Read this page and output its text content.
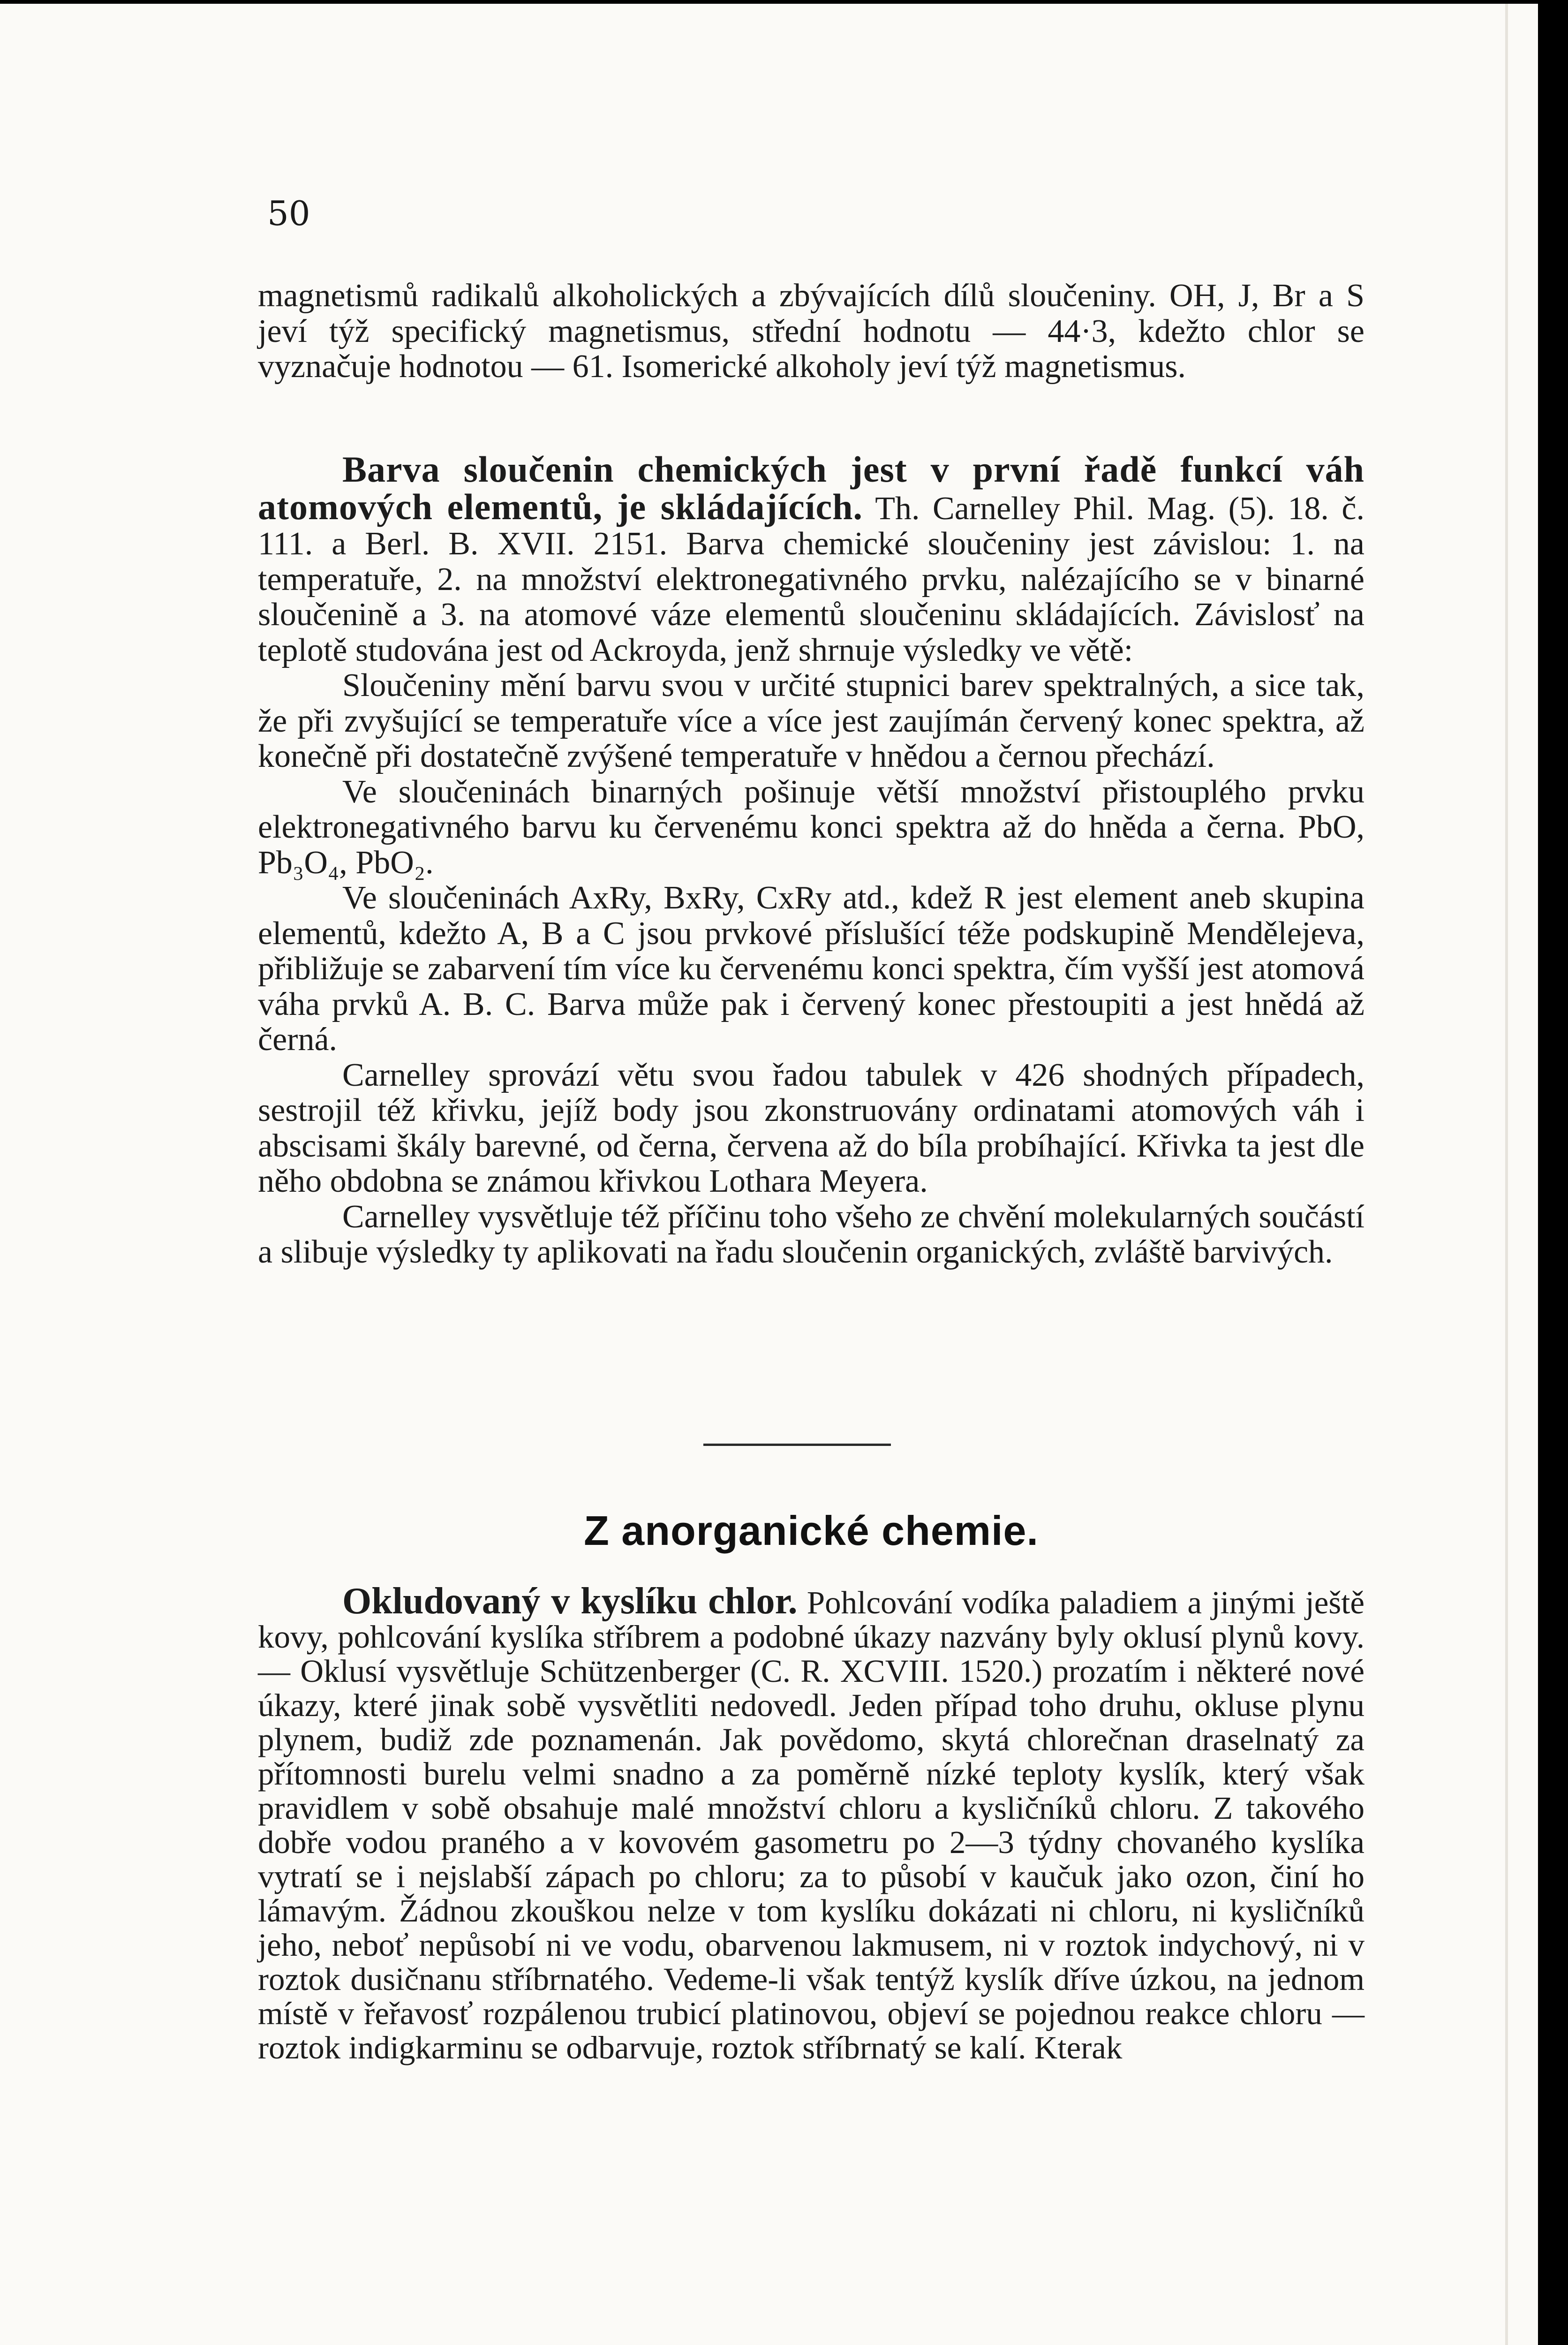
50

magnetismů radikalů alkoholických a zbývajících dílů sloučeniny. OH, J, Br a S jeví týž specifický magnetismus, střední hodnotu — 44·3, kdežto chlor se vyznačuje hodnotou — 61. Isomerické alkoholy jeví týž magnetismus.

Barva sloučenin chemických jest v první řadě funkcí váh atomových elementů, je skládajících. Th. Carnelley Phil. Mag. (5). 18. č. 111. a Berl. B. XVII. 2151. Barva chemické sloučeniny jest závislou: 1. na temperatuře, 2. na množství elektronegativného prvku, nalézajícího se v binarné sloučenině a 3. na atomové váze elementů sloučeninu skládajících. Závislosť na teplotě studována jest od Ackroyda, jenž shrnuje výsledky ve větě:

Sloučeniny mění barvu svou v určité stupnici barev spektralných, a sice tak, že při zvyšující se temperatuře více a více jest zaujímán červený konec spektra, až konečně při dostatečně zvýšené temperatuře v hnědou a černou přechází.

Ve sloučeninách binarných pošinuje větší množství přistouplého prvku elektronegativného barvu ku červenému konci spektra až do hněda a černa. PbO, Pb₃O₄, PbO₂.

Ve sloučeninách AxRy, BxRy, CxRy atd., kdež R jest element aneb skupina elementů, kdežto A, B a C jsou prvkové příslušící téže podskupině Mendělejeva, přibližuje se zabarvení tím více ku červenému konci spektra, čím vyšší jest atomová váha prvků A. B. C. Barva může pak i červený konec přestoupiti a jest hnědá až černá.

Carnelley sprovází větu svou řadou tabulek v 426 shodných případech, sestrojil též křivku, jejíž body jsou zkonstruovány ordinatami atomových váh i abscisami škály barevné, od černa, červena až do bíla probíhající. Křivka ta jest dle něho obdobna se známou křivkou Lothara Meyera.

Carnelley vysvětluje též příčinu toho všeho ze chvění molekularných součástí a slibuje výsledky ty aplikovati na řadu sloučenin organických, zvláště barvivých.

Z anorganické chemie.

Okludovaný v kyslíku chlor. Pohlcování vodíka paladiem a jinými ještě kovy, pohlcování kyslíka stříbrem a podobné úkazy nazvány byly oklusí plynů kovy. — Oklusí vysvětluje Schützenberger (C. R. XCVIII. 1520.) prozatím i některé nové úkazy, které jinak sobě vysvětliti nedovedl. Jeden případ toho druhu, okluse plynu plynem, budiž zde poznamenán. Jak povědomo, skytá chlorečnan draselnatý za přítomnosti burelu velmi snadno a za poměrně nízké teploty kyslík, který však pravidlem v sobě obsahuje malé množství chloru a kysličníků chloru. Z takového dobře vodou praného a v kovovém gasometru po 2—3 týdny chovaného kyslíka vytratí se i nejslabší zápach po chloru; za to působí v kaučuk jako ozon, činí ho lámavým. Žádnou zkouškou nelze v tom kyslíku dokázati ni chloru, ni kysličníků jeho, neboť nepůsobí ni ve vodu, obarvenou lakmusem, ni v roztok indychový, ni v roztok dusičnanu stříbrnatého. Vedeme-li však tentýž kyslík dříve úzkou, na jednom místě v řeřavosť rozpálenou trubicí platinovou, objeví se pojednou reakce chloru — roztok indigkarminu se odbarvuje, roztok stříbrnatý se kalí. Kterak
